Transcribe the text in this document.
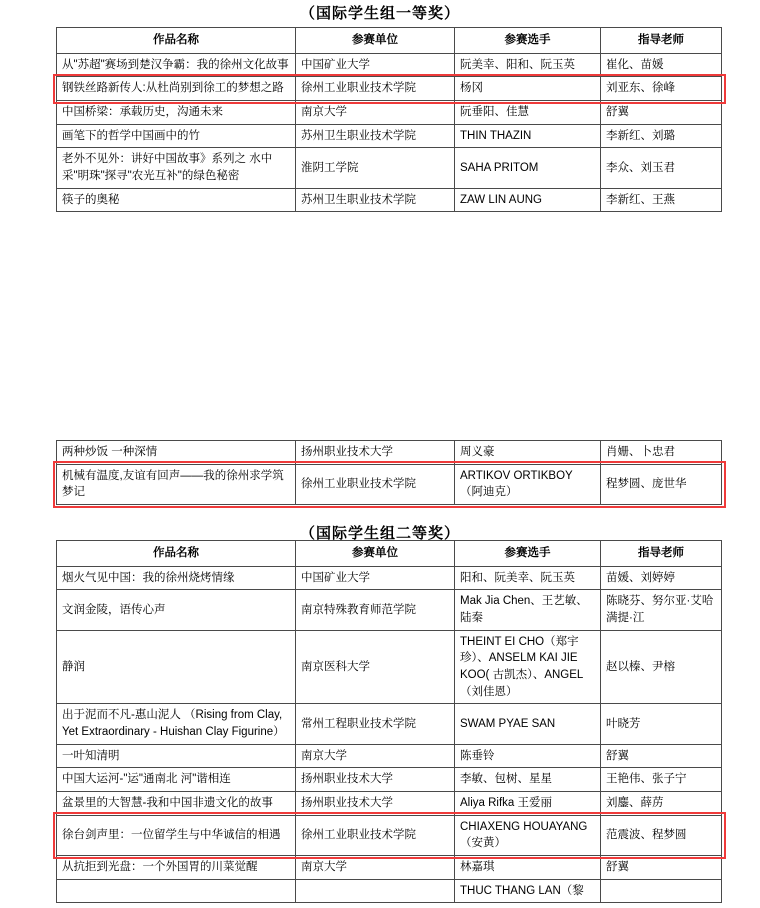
（国际学生组一等奖）
作品名称	参赛单位	参赛选手	指导老师
从"苏超"赛场到楚汉争霸：我的徐州文化故事	中国矿业大学	阮美幸、阳和、阮玉英	崔化、苗媛
钢铁丝路新传人:从杜尚别到徐工的梦想之路	徐州工业职业技术学院	杨冈	刘亚东、徐峰
中国桥梁：承载历史，沟通未来	南京大学	阮垂阳、佳慧	舒翼
画笔下的哲学中国画中的竹	苏州卫生职业技术学院	THIN THAZIN	李新红、刘璐
老外不见外：讲好中国故事》系列之 水中采"明珠"探寻"农光互补"的绿色秘密	淮阴工学院	SAHA PRITOM	李众、刘玉君
筷子的奥秘	苏州卫生职业技术学院	ZAW LIN AUNG	李新红、王燕
两种炒饭 一种深情	扬州职业技术大学	周义豪	肖姗、卜忠君
机械有温度,友谊有回声——我的徐州求学筑梦记	徐州工业职业技术学院	ARTIKOV ORTIKBOY（阿迪克）	程梦圆、庞世华
（国际学生组二等奖）
作品名称	参赛单位	参赛选手	指导老师
烟火气见中国：我的徐州烧烤情缘	中国矿业大学	阳和、阮美幸、阮玉英	苗媛、刘婷婷
文润金陵，语传心声	南京特殊教育师范学院	Mak Jia Chen、王艺敏、陆秦	陈晓芬、努尔亚·艾哈满提·江
静润	南京医科大学	THEINT EI CHO（郑宇珍）、ANSELM KAI JIE KOO( 古凯杰）、ANGEL（刘佳恩）	赵以榛、尹榕
出于泥而不凡-惠山泥人 （Rising from Clay, Yet Extraordinary - Huishan Clay Figurine）	常州工程职业技术学院	SWAM PYAE SAN	叶晓芳
一叶知清明	南京大学	陈垂铃	舒翼
中国大运河-"运"通南北 河"谐相连	扬州职业技术大学	李敏、包树、星星	王艳伟、张子宁
盆景里的大智慧-我和中国非遗文化的故事	扬州职业技术大学	Aliya Rifka 王爱丽	刘鏖、薛苈
徐台剑声里：一位留学生与中华诚信的相遇	徐州工业职业技术学院	CHIAXENG HOUAYANG（安黄）	范震波、程梦圆
从抗拒到光盘：一个外国胃的川菜觉醒	南京大学	林嘉琪	舒翼
		THUC THANG LAN（黎	
